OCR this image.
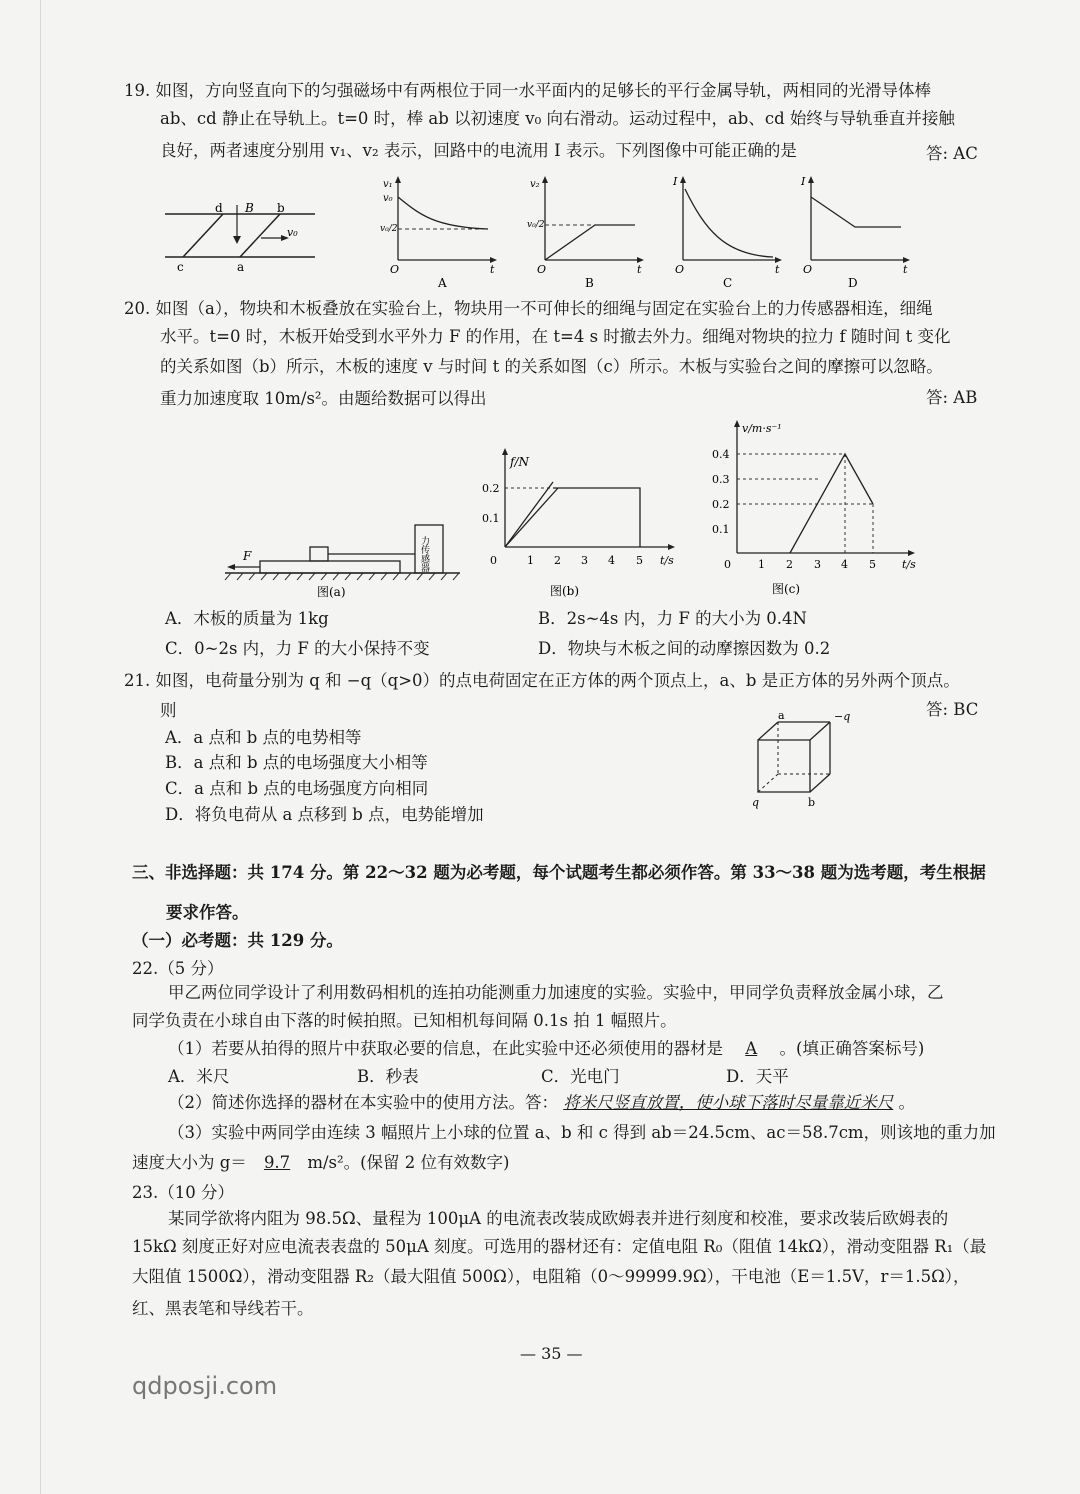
19. 如图，方向竖直向下的匀强磁场中有两根位于同一水平面内的足够长的平行金属导轨，两相同的光滑导体棒
ab、cd 静止在导轨上。t=0 时，棒 ab 以初速度 v₀ 向右滑动。运动过程中，ab、cd 始终与导轨垂直并接触
良好，两者速度分别用 v₁、v₂ 表示，回路中的电流用 I 表示。下列图像中可能正确的是	答: AC
d B b
c	a
v₀
v₁
v₀
v₀/2
O	t
A
v₂
v₀/2
O	t
B
I
O	t
C
I
O	t
D
20. 如图（a），物块和木板叠放在实验台上，物块用一不可伸长的细绳与固定在实验台上的力传感器相连，细绳
水平。t=0 时，木板开始受到水平外力 F 的作用，在 t=4 s 时撤去外力。细绳对物块的拉力 f 随时间 t 变化
的关系如图（b）所示，木板的速度 v 与时间 t 的关系如图（c）所示。木板与实验台之间的摩擦可以忽略。
重力加速度取 10m/s²。由题给数据可以得出	答: AB
F	力传感器
图(a)
f/N
0.2
0.1
0	1 2 3 4 5 t/s
图(b)
v/m·s⁻¹
0.4
0.3
0.2
0.1
0 1 2 3 4 5 t/s
图(c)
A．木板的质量为 1kg	B．2s~4s 内，力 F 的大小为 0.4N
C．0~2s 内，力 F 的大小保持不变	D．物块与木板之间的动摩擦因数为 0.2
21. 如图，电荷量分别为 q 和 −q（q>0）的点电荷固定在正方体的两个顶点上，a、b 是正方体的另外两个顶点。
则	答: BC
A．a 点和 b 点的电势相等
B．a 点和 b 点的电场强度大小相等
C．a 点和 b 点的电场强度方向相同
D．将负电荷从 a 点移到 b 点，电势能增加
a	−q
q	b
三、非选择题：共 174 分。第 22～32 题为必考题，每个试题考生都必须作答。第 33～38 题为选考题，考生根据
要求作答。
（一）必考题：共 129 分。
22.（5 分）
甲乙两位同学设计了利用数码相机的连拍功能测重力加速度的实验。实验中，甲同学负责释放金属小球，乙
同学负责在小球自由下落的时候拍照。已知相机每间隔 0.1s 拍 1 幅照片。
（1）若要从拍得的照片中获取必要的信息，在此实验中还必须使用的器材是 A 。(填正确答案标号)
A．米尺	B．秒表	C．光电门	D．天平
（2）简述你选择的器材在本实验中的使用方法。答： 将米尺竖直放置，使小球下落时尽量靠近米尺 。
（3）实验中两同学由连续 3 幅照片上小球的位置 a、b 和 c 得到 ab＝24.5cm、ac＝58.7cm，则该地的重力加
速度大小为 g＝ 9.7 m/s²。(保留 2 位有效数字)
23.（10 分）
某同学欲将内阻为 98.5Ω、量程为 100μA 的电流表改装成欧姆表并进行刻度和校准，要求改装后欧姆表的
15kΩ 刻度正好对应电流表表盘的 50μA 刻度。可选用的器材还有：定值电阻 R₀（阻值 14kΩ），滑动变阻器 R₁（最
大阻值 1500Ω），滑动变阻器 R₂（最大阻值 500Ω），电阻箱（0～99999.9Ω），干电池（E＝1.5V，r＝1.5Ω），
红、黑表笔和导线若干。
— 35 —
qdposji.com
